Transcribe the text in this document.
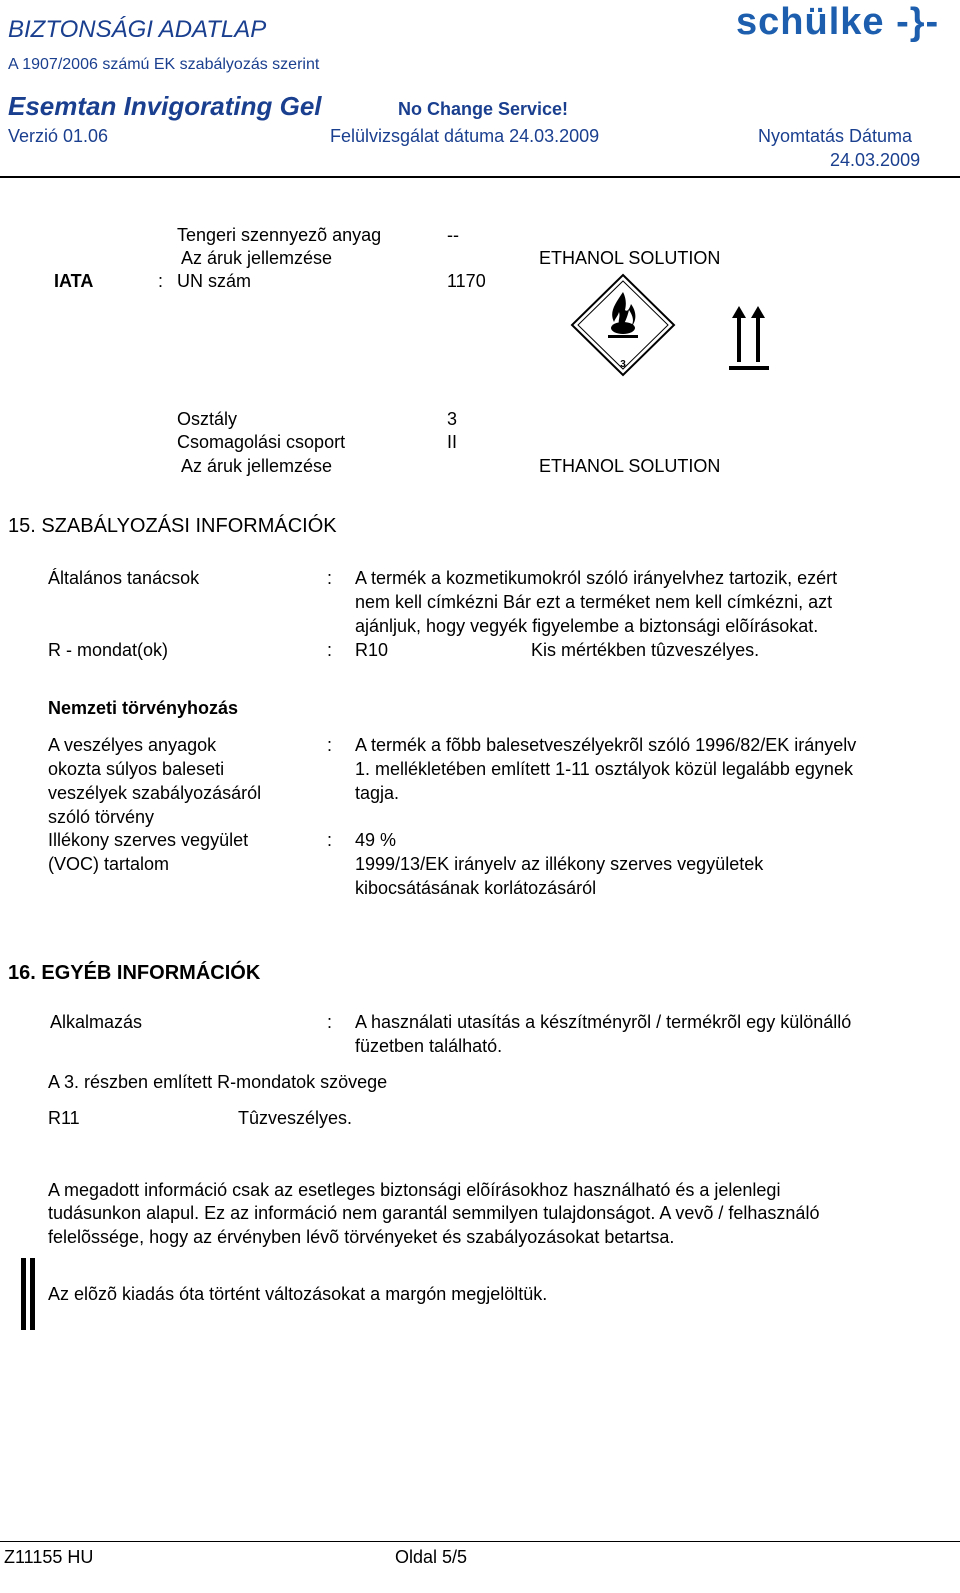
BIZTONSÁGI ADATLAP
A 1907/2006 számú EK szabályozás szerint
schülke -}-
Esemtan Invigorating Gel	No Change Service!
Verzió 01.06	Felülvizsgálat dátuma 24.03.2009	Nyomtatás Dátuma
24.03.2009
Tengeri szennyezõ anyag	--
Az áruk jellemzése	ETHANOL SOLUTION
IATA	: UN szám	1170
3
Osztály	3
Csomagolási csoport	II
Az áruk jellemzése	ETHANOL SOLUTION
15. SZABÁLYOZÁSI INFORMÁCIÓK
Általános tanácsok	: A termék a kozmetikumokról szóló irányelvhez tartozik, ezért
nem kell címkézni Bár ezt a terméket nem kell címkézni, azt
ajánljuk, hogy vegyék figyelembe a biztonsági elõírásokat.
R - mondat(ok)	: R10	Kis mértékben tûzveszélyes.
Nemzeti törvényhozás
A veszélyes anyagok
okozta súlyos baleseti
veszélyek szabályozásáról
szóló törvény
: A termék a fõbb balesetveszélyekrõl szóló 1996/82/EK irányelv
1. mellékletében említett 1-11 osztályok közül legalább egynek
tagja.
Illékony szerves vegyület
(VOC) tartalom
: 49 %
1999/13/EK irányelv az illékony szerves vegyületek
kibocsátásának korlátozásáról
16. EGYÉB INFORMÁCIÓK
Alkalmazás	: A használati utasítás a készítményrõl / termékrõl egy különálló
füzetben található.
A 3. részben említett R-mondatok szövege
R11	Tûzveszélyes.
A megadott információ csak az esetleges biztonsági elõírásokhoz használható és a jelenlegi
tudásunkon alapul. Ez az információ nem garantál semmilyen tulajdonságot. A vevõ / felhasználó
felelõssége, hogy az érvényben lévõ törvényeket és szabályozásokat betartsa.
Az elõzõ kiadás óta történt változásokat a margón megjelöltük.
Z11155 HU	Oldal 5/5
